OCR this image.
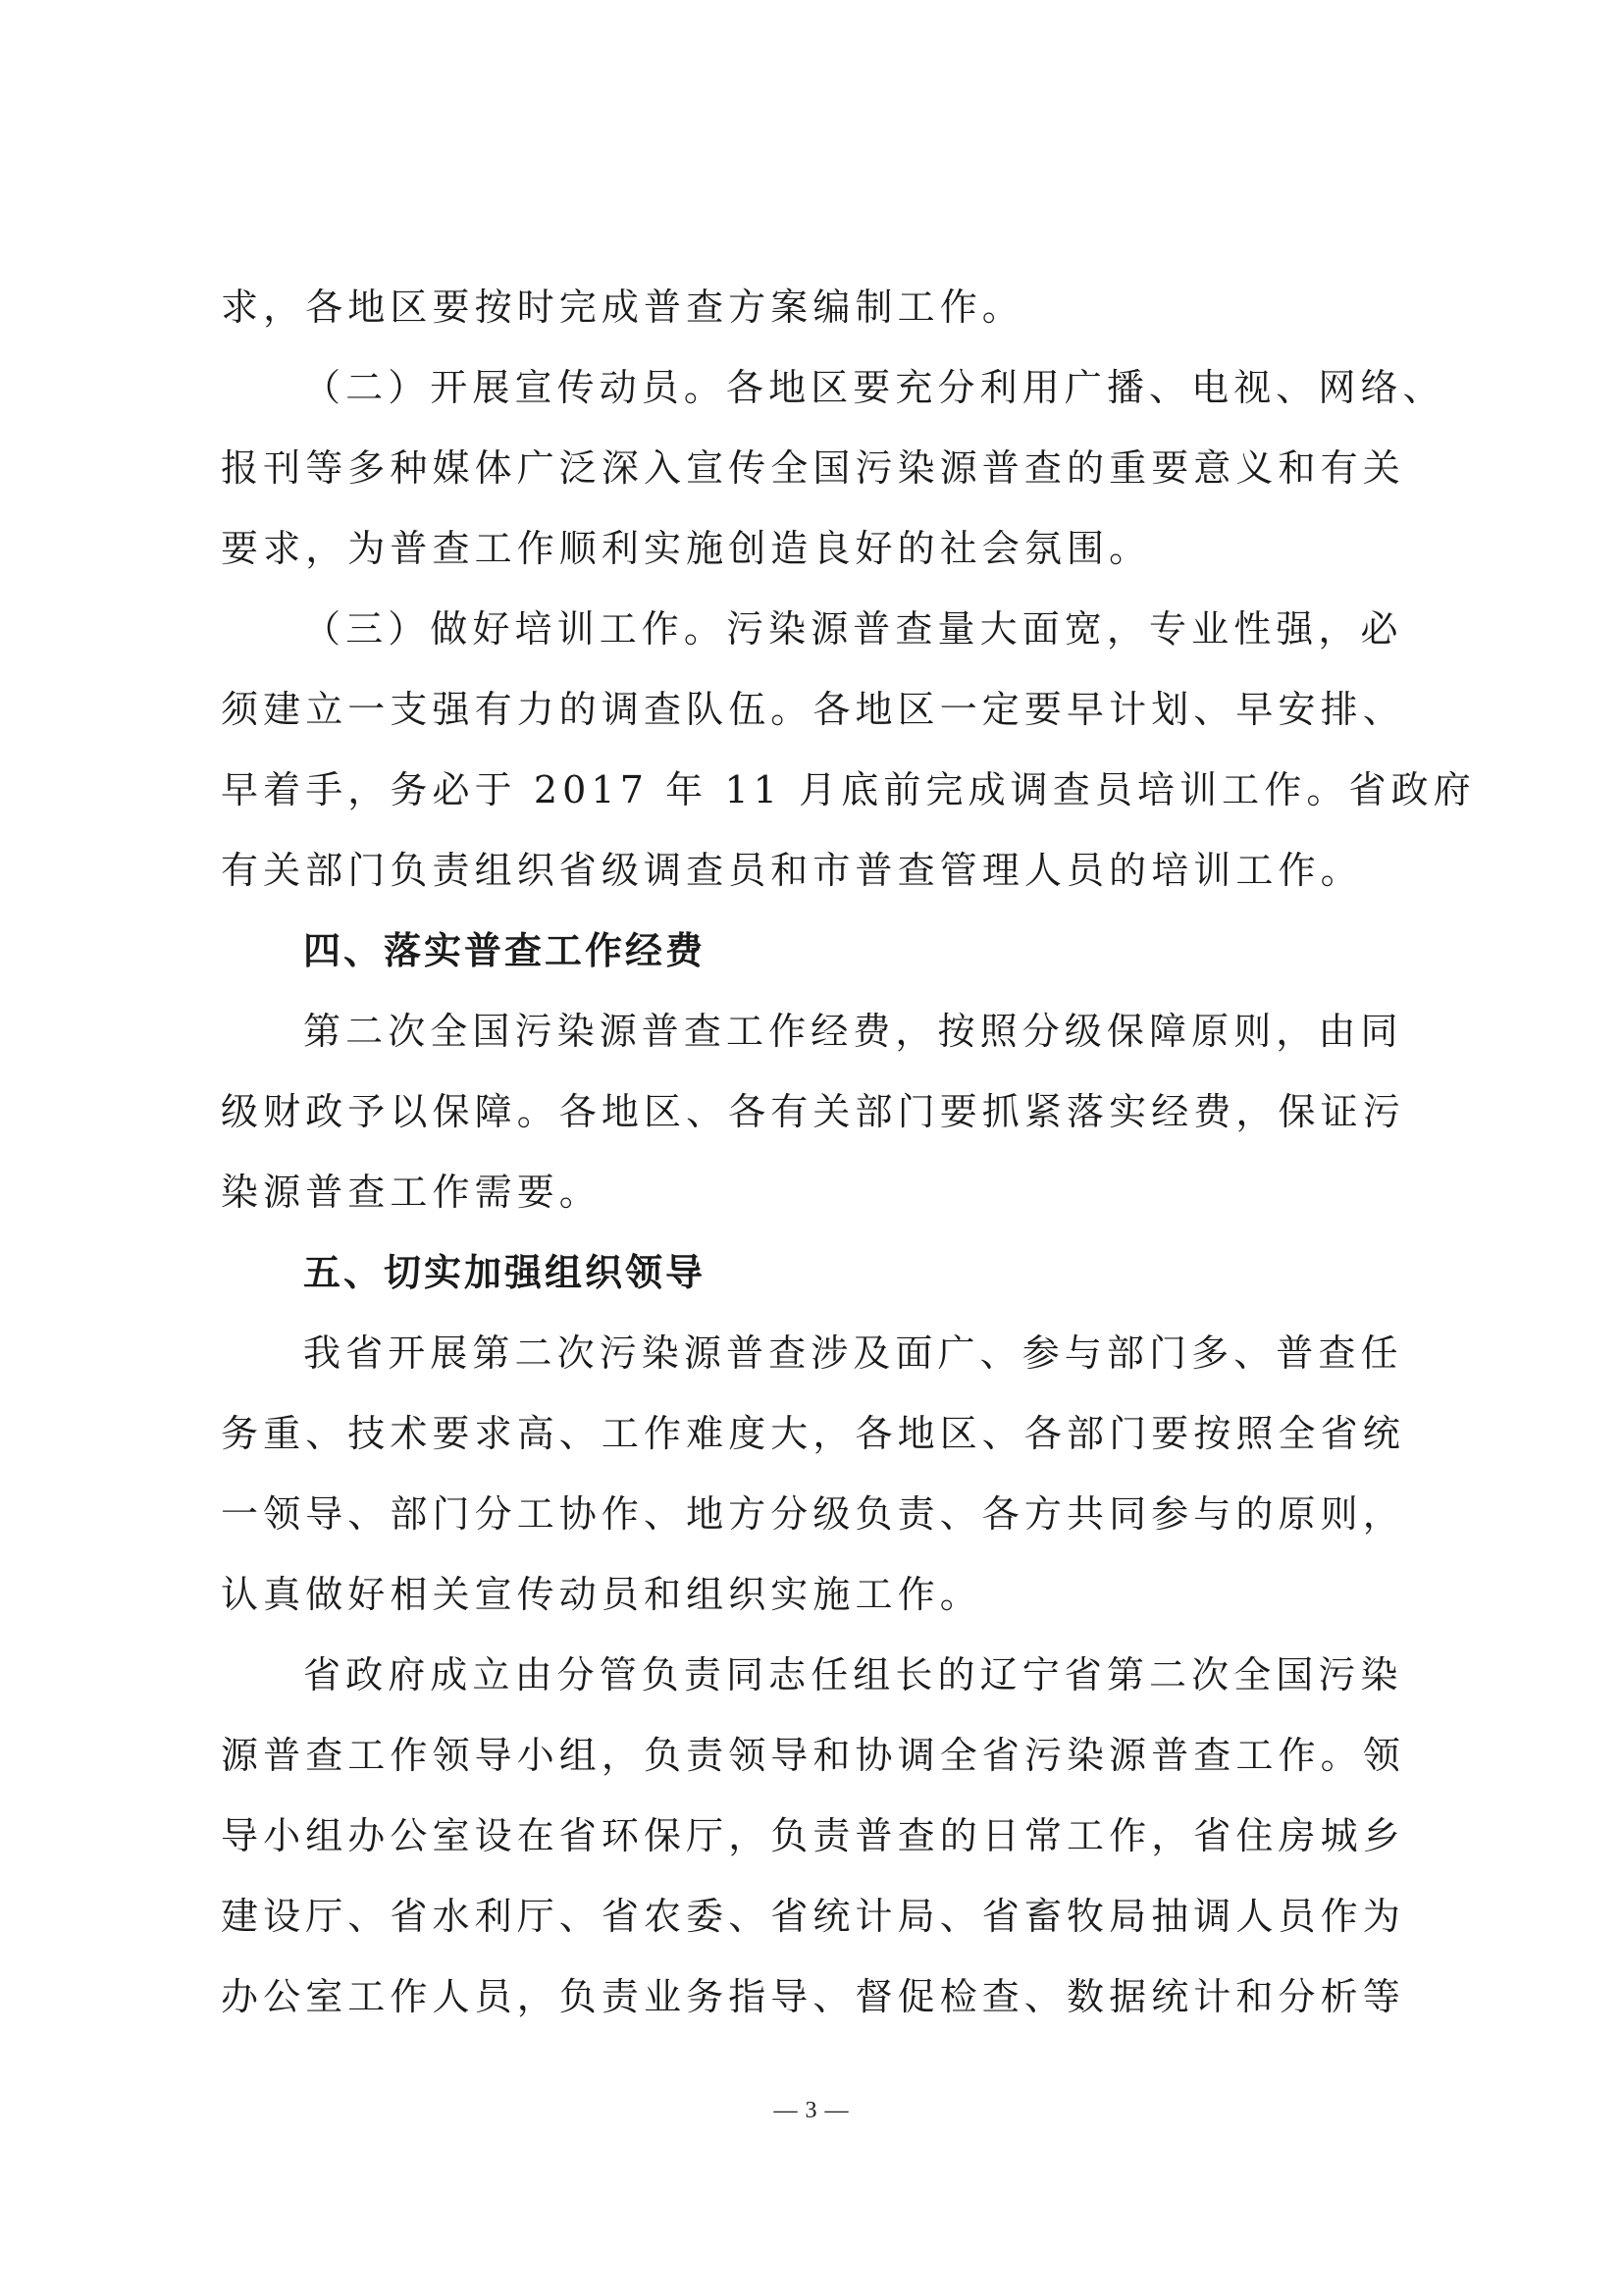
求，各地区要按时完成普查方案编制工作。
（二）开展宣传动员。各地区要充分利用广播、电视、网络、
报刊等多种媒体广泛深入宣传全国污染源普查的重要意义和有关
要求，为普查工作顺利实施创造良好的社会氛围。
（三）做好培训工作。污染源普查量大面宽，专业性强，必
须建立一支强有力的调查队伍。各地区一定要早计划、早安排、
早着手，务必于 2017 年 11 月底前完成调查员培训工作。省政府
有关部门负责组织省级调查员和市普查管理人员的培训工作。
四、落实普查工作经费
第二次全国污染源普查工作经费，按照分级保障原则，由同
级财政予以保障。各地区、各有关部门要抓紧落实经费，保证污
染源普查工作需要。
五、切实加强组织领导
我省开展第二次污染源普查涉及面广、参与部门多、普查任
务重、技术要求高、工作难度大，各地区、各部门要按照全省统
一领导、部门分工协作、地方分级负责、各方共同参与的原则，
认真做好相关宣传动员和组织实施工作。
省政府成立由分管负责同志任组长的辽宁省第二次全国污染
源普查工作领导小组，负责领导和协调全省污染源普查工作。领
导小组办公室设在省环保厅，负责普查的日常工作，省住房城乡
建设厅、省水利厅、省农委、省统计局、省畜牧局抽调人员作为
办公室工作人员，负责业务指导、督促检查、数据统计和分析等
— 3 —
